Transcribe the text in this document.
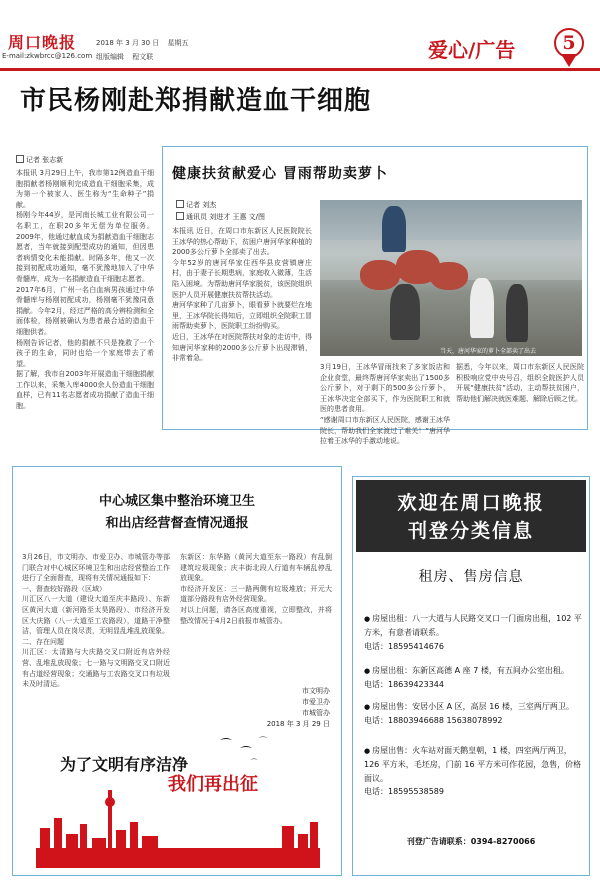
周口晚报	2018 年 3 月 30 日 星期五
E-mail:zkwbrcc@126.com 组版编辑 程文联	爱心/广告	5
市民杨刚赴郑捐献造血干细胞
记者 张志新

本报讯 3月29日上午，我市第12例造血干细胞捐献者杨刚顺利完成造血干细胞采集，成为第一个被家人、医生称为“生命种子”捐献。

杨刚今年44岁，是河南长城工业有限公司一名职工，在职20多年无偿为单位服务。2009年，他通过献血成为捐献造血干细胞志愿者，当年就接到配型成功的通知，但因患者病情变化未能捐献。时隔多年，他又一次接到初配成功通知，毫不犹豫地加入了中华骨髓库，成为一名捐献造血干细胞志愿者。

2017年6月，广州一名白血病男孩通过中华骨髓库与杨刚初配成功，杨刚毫不犹豫同意捐献。今年2月，经过严格的高分辨检测和全面体检，杨刚被确认为患者最合适的造血干细胞供者。

杨刚告诉记者，他的捐献不只是挽救了一个孩子的生命，同时也给一个家庭带去了希望。

据了解，我市自2003年开展造血干细胞捐献工作以来，采集入库4000余人份造血干细胞血样，已有11名志愿者成功捐献了造血干细胞。

健康扶贫献爱心 冒雨帮助卖萝卜
记者 刘杰
通讯员 刘进才 王惠 文/图

本报讯 近日，在周口市东新区人民医院院长王冰华的热心帮助下，贫困户唐河华家种植的2000多公斤萝卜全部卖了出去。

今年52岁的唐河华家住西华县皮营镇唐庄村，由于妻子长期患病，家庭收入微薄，生活陷入困境。为帮助唐河华家脱贫，该医院组织医护人员开展健康扶贫帮扶活动。

唐河华家种了几亩萝卜，眼看萝卜就要烂在地里，王冰华院长得知后，立即组织全院职工冒雨帮助卖萝卜，医院职工纷纷购买。

近日，王冰华在对医院帮扶对象的走访中，得知唐河华家种的2000多公斤萝卜出现滞销，非常着急。

当天，唐河华家的萝卜全部卖了出去

3月19日，王冰华冒雨找来了多家饭店和企业食堂，最终帮唐河华家卖出了1500多公斤萝卜，对于剩下的500多公斤萝卜，王冰华决定全部买下，作为医院职工和就医的患者食用。

“感谢周口市东新区人民医院，感谢王冰华院长，帮助我们全家渡过了难关！”唐河华拉着王冰华的手激动地说。

据悉，今年以来，周口市东新区人民医院积极响应党中央号召，组织全院医护人员开展“健康扶贫”活动，主动帮扶贫困户，帮助他们解决就医难题、解除后顾之忧。

中心城区集中整治环境卫生
和出店经营督查情况通报

3月26日，市文明办、市爱卫办、市城管办等部门联合对中心城区环境卫生和出店经营整治工作进行了全面督查，现将有关情况通报如下：

一、督查较好路段（区域）

川汇区八一大道（建设大道至庆丰路段）、东新区黄河大道（新河路至太昊路段）、市经济开发区大庆路（八一大道至工农路段），道路干净整洁，管理人员在岗尽责，无明显乱堆乱放现象。

二、存在问题

川汇区：太清路与大庆路交叉口附近有店外经营、乱堆乱放现象；七一路与文明路交叉口附近有占道经营现象；交通路与工农路交叉口有垃圾未及时清运。

东新区：东华路（黄河大道至东一路段）有乱倒建筑垃圾现象；庆丰街北段人行道有车辆乱停乱放现象。

市经济开发区：三一路两侧有垃圾堆放；开元大道部分路段有店外经营现象。

对以上问题，请各区高度重视，立即整改，并将整改情况于4月2日前报市城管办。

市文明办
市爱卫办
市城管办
2018 年 3 月 29 日
为了文明有序洁净
我们再出征
欢迎在周口晚报
刊登分类信息
租房、售房信息
● 房屋出租：八一大道与人民路交叉口一门面房出租，102 平方米，有意者请联系。
电话：18595414676
● 房屋出租：东新区高德 A 座 7 楼，有五间办公室出租。
电话：18639423344
● 房屋出售：安居小区 A 区，高层 16 楼，三室两厅两卫。
电话：18803946688 15638078992
● 房屋出售：火车站对面天鹅皇朝，1 楼，四室两厅两卫，126 平方米，毛坯房，门前 16 平方米可作花园，急售，价格面议。
电话：18595538589
刊登广告请联系：0394-8270066
